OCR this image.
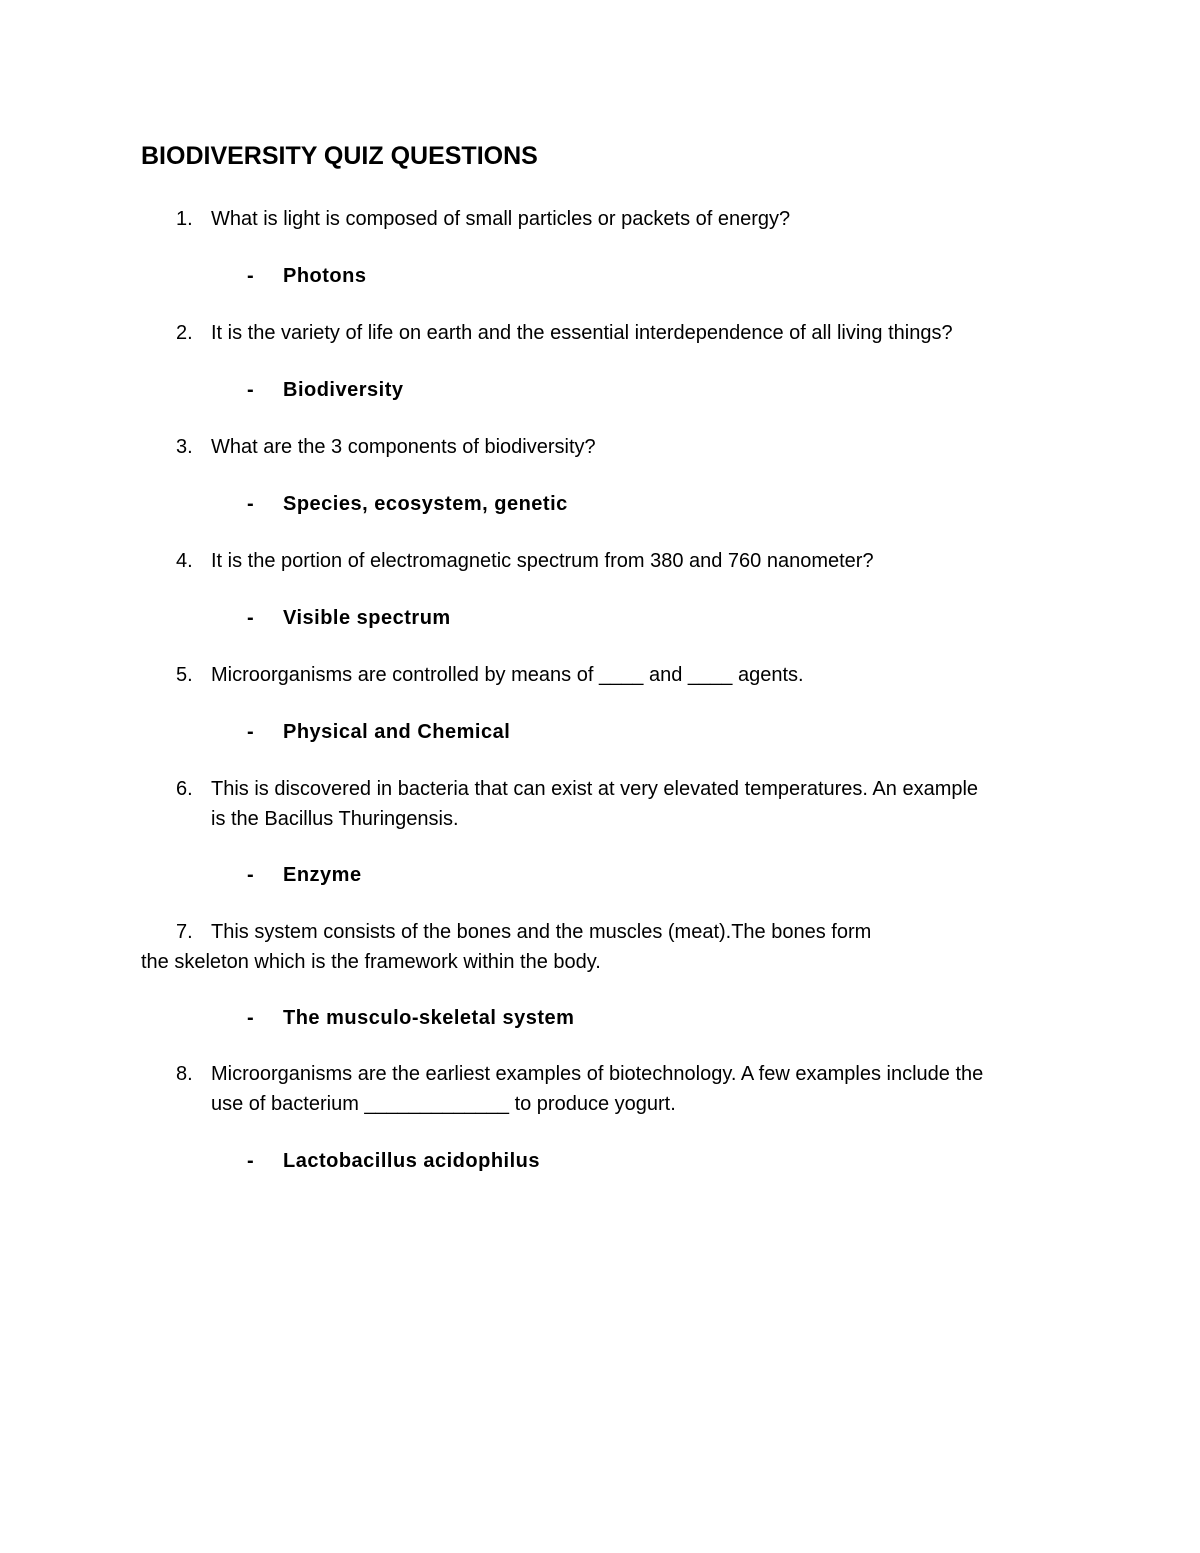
BIODIVERSITY QUIZ QUESTIONS
1. What is light is composed of small particles or packets of energy?
- Photons
2. It is the variety of life on earth and the essential interdependence of all living things?
- Biodiversity
3. What are the 3 components of biodiversity?
- Species, ecosystem, genetic
4. It is the portion of electromagnetic spectrum from 380 and 760 nanometer?
- Visible spectrum
5. Microorganisms are controlled by means of ____ and ____ agents.
- Physical and Chemical
6. This is discovered in bacteria that can exist at very elevated temperatures. An example
is the Bacillus Thuringensis.
- Enzyme
7. This system consists of the bones and the muscles (meat).The bones form
the skeleton which is the framework within the body.
- The musculo-skeletal system
8. Microorganisms are the earliest examples of biotechnology. A few examples include the
use of bacterium _____________ to produce yogurt.
- Lactobacillus acidophilus
